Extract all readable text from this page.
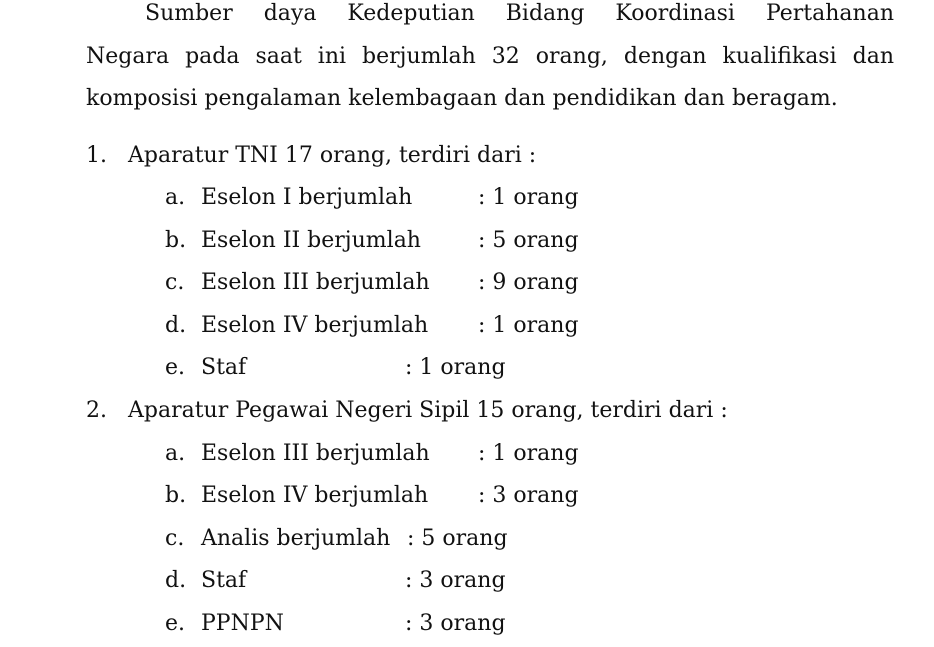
Sumber daya Kedeputian Bidang Koordinasi Pertahanan
Negara pada saat ini berjumlah 32 orang, dengan kualifikasi dan
komposisi pengalaman kelembagaan dan pendidikan dan beragam.
1. Aparatur TNI 17 orang, terdiri dari :
a. Eselon I berjumlah	: 1 orang
b. Eselon II berjumlah	: 5 orang
c. Eselon III berjumlah : 9 orang
d. Eselon IV berjumlah : 1 orang
e. Staf	: 1 orang
2. Aparatur Pegawai Negeri Sipil 15 orang, terdiri dari :
a. Eselon III berjumlah : 1 orang
b. Eselon IV berjumlah : 3 orang
c. Analis berjumlah : 5 orang
d. Staf	: 3 orang
e. PPNPN	: 3 orang
